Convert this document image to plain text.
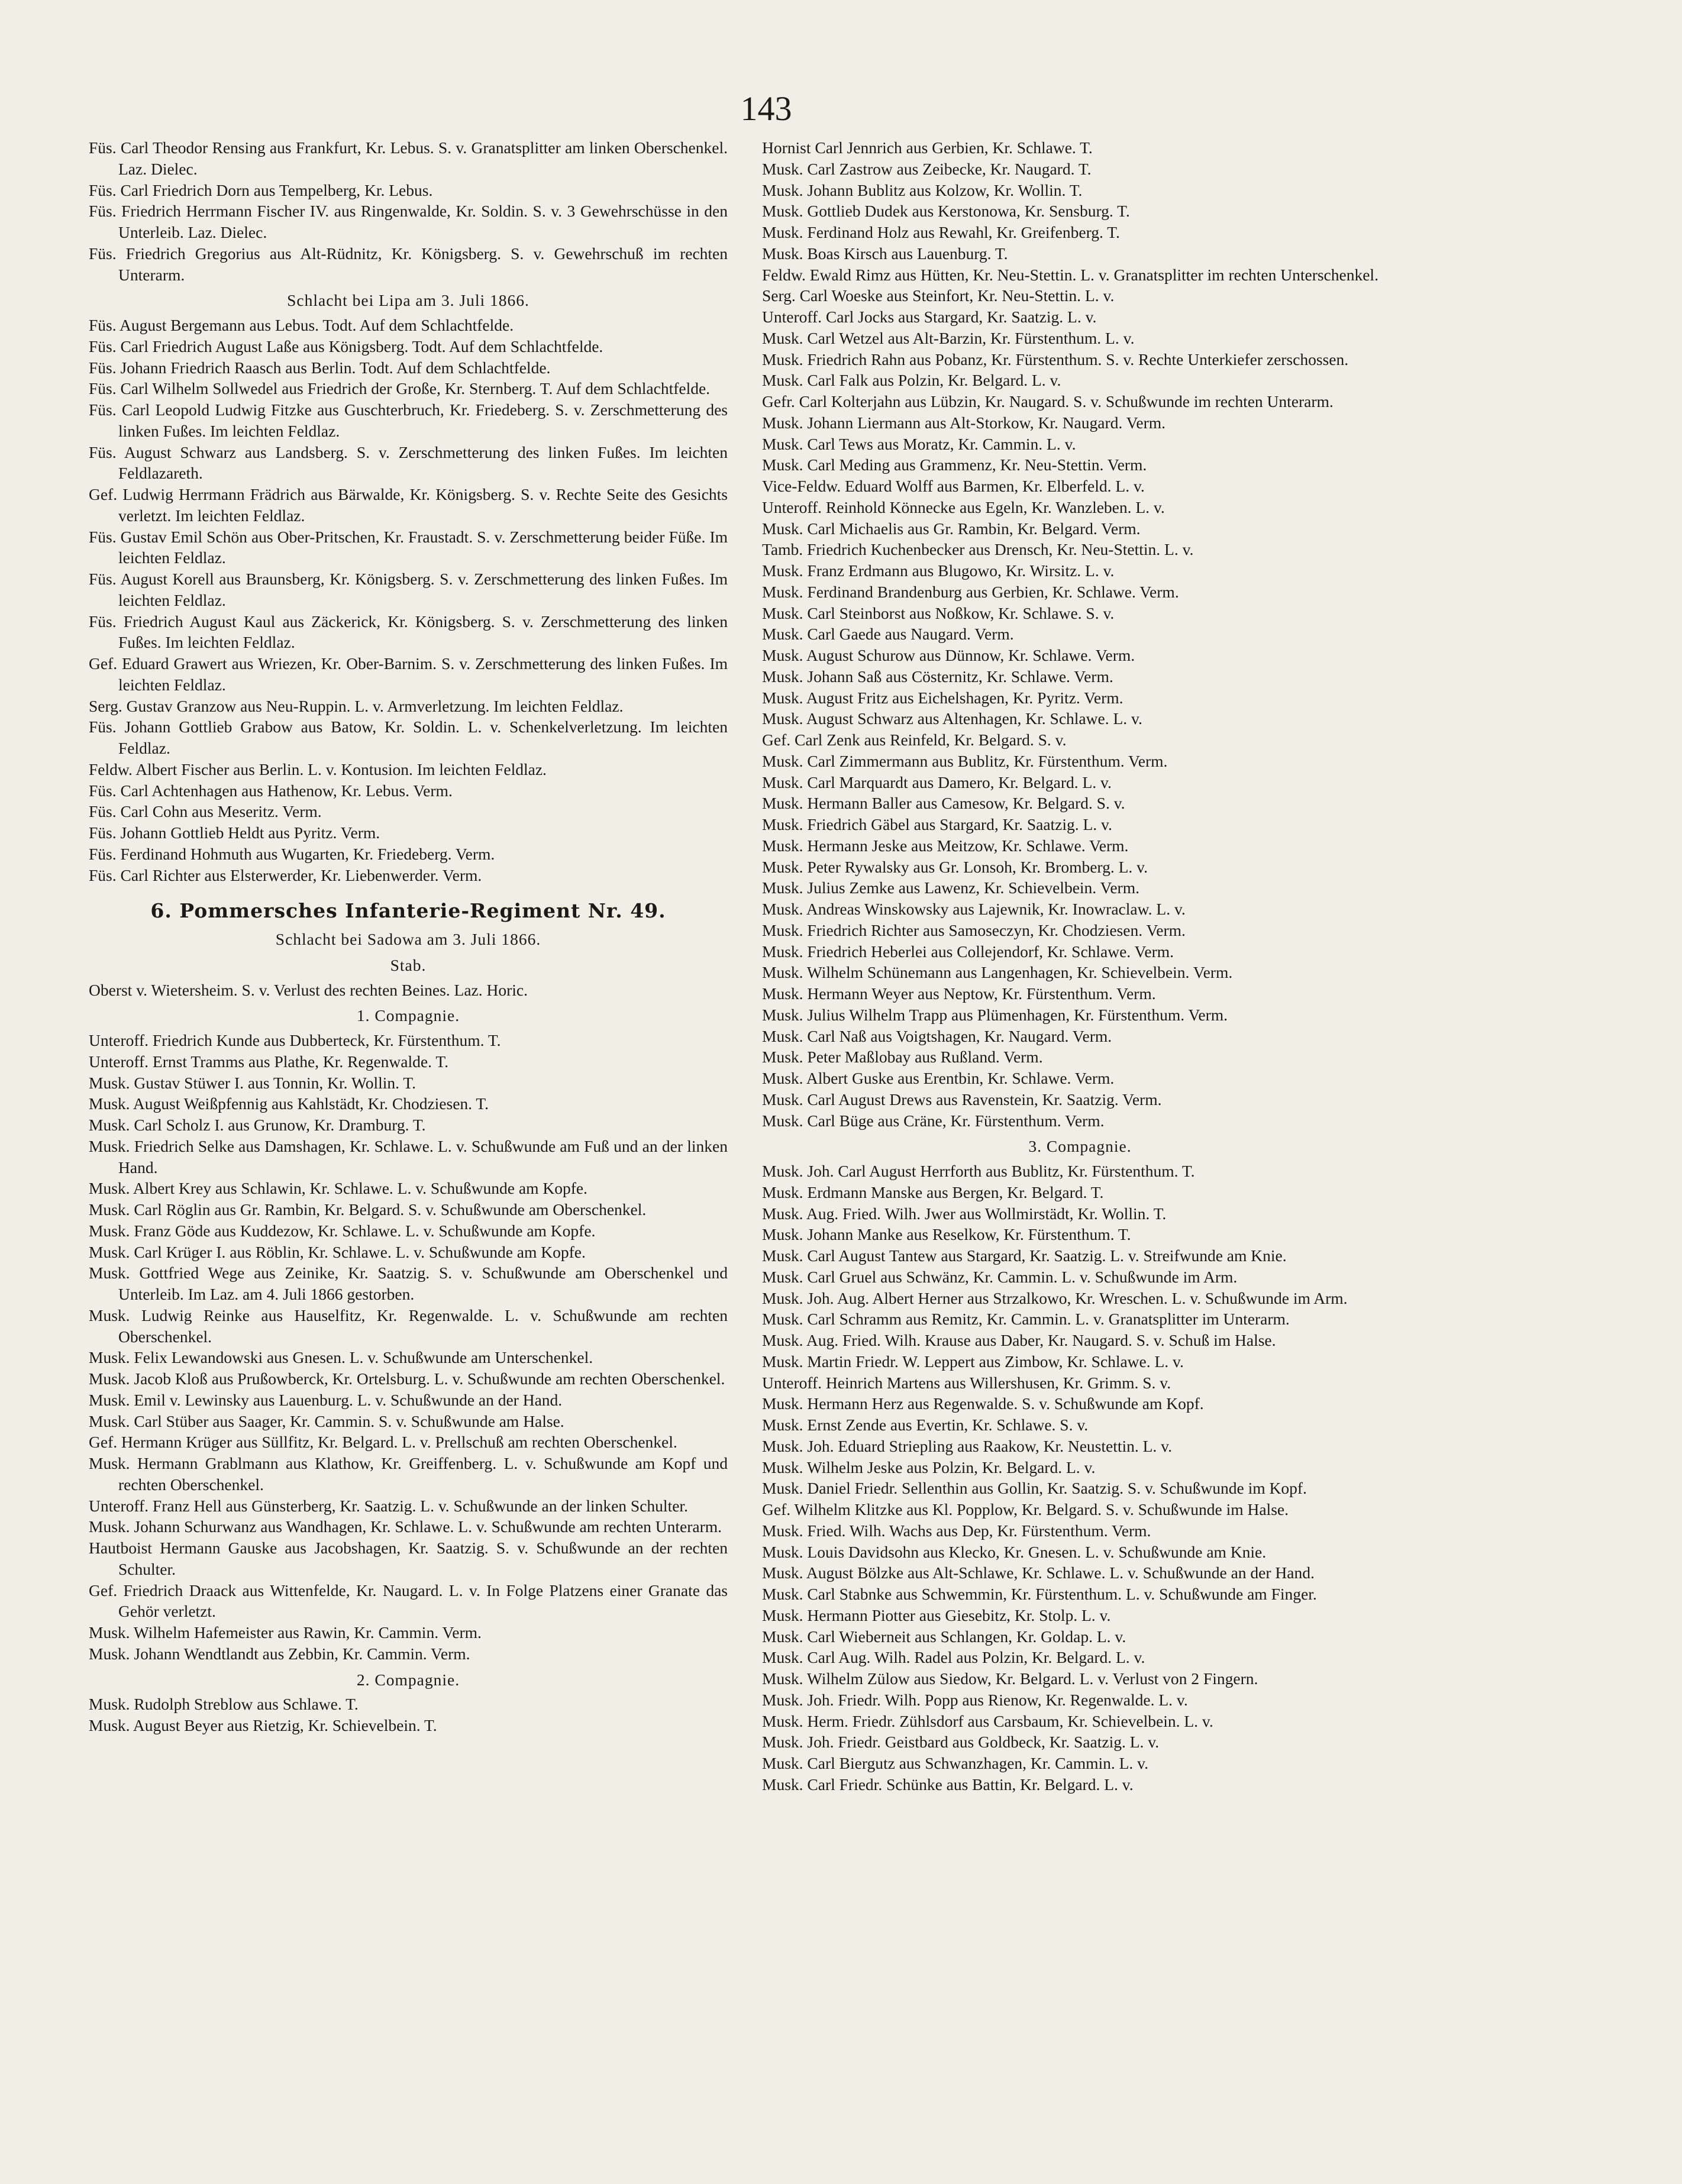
143
Füs. Carl Theodor Rensing aus Frankfurt, Kr. Lebus. S. v. Granatsplitter am linken Oberschenkel. Laz. Dielec.
Füs. Carl Friedrich Dorn aus Tempelberg, Kr. Lebus.
Füs. Friedrich Herrmann Fischer IV. aus Ringenwalde, Kr. Soldin. S. v. 3 Gewehrschüsse in den Unterleib. Laz. Dielec.
Füs. Friedrich Gregorius aus Alt-Rüdnitz, Kr. Königsberg. S. v. Gewehrschuß im rechten Unterarm.
Schlacht bei Lipa am 3. Juli 1866.
Füs. August Bergemann aus Lebus. Todt. Auf dem Schlachtfelde.
Füs. Carl Friedrich August Laße aus Königsberg. Todt. Auf dem Schlachtfelde.
Füs. Johann Friedrich Raasch aus Berlin. Todt. Auf dem Schlachtfelde.
Füs. Carl Wilhelm Sollwedel aus Friedrich der Große, Kr. Sternberg. T. Auf dem Schlachtfelde.
Füs. Carl Leopold Ludwig Fitzke aus Guschterbruch, Kr. Friedeberg. S. v. Zerschmetterung des linken Fußes. Im leichten Feldlaz.
Füs. August Schwarz aus Landsberg. S. v. Zerschmetterung des linken Fußes. Im leichten Feldlazareth.
Gef. Ludwig Herrmann Frädrich aus Bärwalde, Kr. Königsberg. S. v. Rechte Seite des Gesichts verletzt. Im leichten Feldlaz.
Füs. Gustav Emil Schön aus Ober-Pritschen, Kr. Fraustadt. S. v. Zerschmetterung beider Füße. Im leichten Feldlaz.
Füs. August Korell aus Braunsberg, Kr. Königsberg. S. v. Zerschmetterung des linken Fußes. Im leichten Feldlaz.
Füs. Friedrich August Kaul aus Zäckerick, Kr. Königsberg. S. v. Zerschmetterung des linken Fußes. Im leichten Feldlaz.
Gef. Eduard Grawert aus Wriezen, Kr. Ober-Barnim. S. v. Zerschmetterung des linken Fußes. Im leichten Feldlaz.
Serg. Gustav Granzow aus Neu-Ruppin. L. v. Armverletzung. Im leichten Feldlaz.
Füs. Johann Gottlieb Grabow aus Batow, Kr. Soldin. L. v. Schenkelverletzung. Im leichten Feldlaz.
Feldw. Albert Fischer aus Berlin. L. v. Kontusion. Im leichten Feldlaz.
Füs. Carl Achtenhagen aus Hathenow, Kr. Lebus. Verm.
Füs. Carl Cohn aus Meseritz. Verm.
Füs. Johann Gottlieb Heldt aus Pyritz. Verm.
Füs. Ferdinand Hohmuth aus Wugarten, Kr. Friedeberg. Verm.
Füs. Carl Richter aus Elsterwerder, Kr. Liebenwerder. Verm.
6. Pommersches Infanterie-Regiment Nr. 49.
Schlacht bei Sadowa am 3. Juli 1866.
Stab.
Oberst v. Wietersheim. S. v. Verlust des rechten Beines. Laz. Horic.
1. Compagnie.
Unteroff. Friedrich Kunde aus Dubberteck, Kr. Fürstenthum. T.
Unteroff. Ernst Tramms aus Plathe, Kr. Regenwalde. T.
Musk. Gustav Stüwer I. aus Tonnin, Kr. Wollin. T.
Musk. August Weißpfennig aus Kahlstädt, Kr. Chodziesen. T.
Musk. Carl Scholz I. aus Grunow, Kr. Dramburg. T.
Musk. Friedrich Selke aus Damshagen, Kr. Schlawe. L. v. Schußwunde am Fuß und an der linken Hand.
Musk. Albert Krey aus Schlawin, Kr. Schlawe. L. v. Schußwunde am Kopfe.
Musk. Carl Röglin aus Gr. Rambin, Kr. Belgard. S. v. Schußwunde am Oberschenkel.
Musk. Franz Göde aus Kuddezow, Kr. Schlawe. L. v. Schußwunde am Kopfe.
Musk. Carl Krüger I. aus Röblin, Kr. Schlawe. L. v. Schußwunde am Kopfe.
Musk. Gottfried Wege aus Zeinike, Kr. Saatzig. S. v. Schußwunde am Oberschenkel und Unterleib. Im Laz. am 4. Juli 1866 gestorben.
Musk. Ludwig Reinke aus Hauselfitz, Kr. Regenwalde. L. v. Schußwunde am rechten Oberschenkel.
Musk. Felix Lewandowski aus Gnesen. L. v. Schußwunde am Unterschenkel.
Musk. Jacob Kloß aus Prußowberck, Kr. Ortelsburg. L. v. Schußwunde am rechten Oberschenkel.
Musk. Emil v. Lewinsky aus Lauenburg. L. v. Schußwunde an der Hand.
Musk. Carl Stüber aus Saager, Kr. Cammin. S. v. Schußwunde am Halse.
Gef. Hermann Krüger aus Süllfitz, Kr. Belgard. L. v. Prellschuß am rechten Oberschenkel.
Musk. Hermann Grablmann aus Klathow, Kr. Greiffenberg. L. v. Schußwunde am Kopf und rechten Oberschenkel.
Unteroff. Franz Hell aus Günsterberg, Kr. Saatzig. L. v. Schußwunde an der linken Schulter.
Musk. Johann Schurwanz aus Wandhagen, Kr. Schlawe. L. v. Schußwunde am rechten Unterarm.
Hautboist Hermann Gauske aus Jacobshagen, Kr. Saatzig. S. v. Schußwunde an der rechten Schulter.
Gef. Friedrich Draack aus Wittenfelde, Kr. Naugard. L. v. In Folge Platzens einer Granate das Gehör verletzt.
Musk. Wilhelm Hafemeister aus Rawin, Kr. Cammin. Verm.
Musk. Johann Wendtlandt aus Zebbin, Kr. Cammin. Verm.
2. Compagnie.
Musk. Rudolph Streblow aus Schlawe. T.
Musk. August Beyer aus Rietzig, Kr. Schievelbein. T.
Hornist Carl Jennrich aus Gerbien, Kr. Schlawe. T.
Musk. Carl Zastrow aus Zeibecke, Kr. Naugard. T.
Musk. Johann Bublitz aus Kolzow, Kr. Wollin. T.
Musk. Gottlieb Dudek aus Kerstonowa, Kr. Sensburg. T.
Musk. Ferdinand Holz aus Rewahl, Kr. Greifenberg. T.
Musk. Boas Kirsch aus Lauenburg. T.
Feldw. Ewald Rimz aus Hütten, Kr. Neu-Stettin. L. v. Granatsplitter im rechten Unterschenkel.
Serg. Carl Woeske aus Steinfort, Kr. Neu-Stettin. L. v.
Unteroff. Carl Jocks aus Stargard, Kr. Saatzig. L. v.
Musk. Carl Wetzel aus Alt-Barzin, Kr. Fürstenthum. L. v.
Musk. Friedrich Rahn aus Pobanz, Kr. Fürstenthum. S. v. Rechte Unterkiefer zerschossen.
Musk. Carl Falk aus Polzin, Kr. Belgard. L. v.
Gefr. Carl Kolterjahn aus Lübzin, Kr. Naugard. S. v. Schußwunde im rechten Unterarm.
Musk. Johann Liermann aus Alt-Storkow, Kr. Naugard. Verm.
Musk. Carl Tews aus Moratz, Kr. Cammin. L. v.
Musk. Carl Meding aus Grammenz, Kr. Neu-Stettin. Verm.
Vice-Feldw. Eduard Wolff aus Barmen, Kr. Elberfeld. L. v.
Unteroff. Reinhold Könnecke aus Egeln, Kr. Wanzleben. L. v.
Musk. Carl Michaelis aus Gr. Rambin, Kr. Belgard. Verm.
Tamb. Friedrich Kuchenbecker aus Drensch, Kr. Neu-Stettin. L. v.
Musk. Franz Erdmann aus Blugowo, Kr. Wirsitz. L. v.
Musk. Ferdinand Brandenburg aus Gerbien, Kr. Schlawe. Verm.
Musk. Carl Steinborst aus Noßkow, Kr. Schlawe. S. v.
Musk. Carl Gaede aus Naugard. Verm.
Musk. August Schurow aus Dünnow, Kr. Schlawe. Verm.
Musk. Johann Saß aus Cösternitz, Kr. Schlawe. Verm.
Musk. August Fritz aus Eichelshagen, Kr. Pyritz. Verm.
Musk. August Schwarz aus Altenhagen, Kr. Schlawe. L. v.
Gef. Carl Zenk aus Reinfeld, Kr. Belgard. S. v.
Musk. Carl Zimmermann aus Bublitz, Kr. Fürstenthum. Verm.
Musk. Carl Marquardt aus Damero, Kr. Belgard. L. v.
Musk. Hermann Baller aus Camesow, Kr. Belgard. S. v.
Musk. Friedrich Gäbel aus Stargard, Kr. Saatzig. L. v.
Musk. Hermann Jeske aus Meitzow, Kr. Schlawe. Verm.
Musk. Peter Rywalsky aus Gr. Lonsoh, Kr. Bromberg. L. v.
Musk. Julius Zemke aus Lawenz, Kr. Schievelbein. Verm.
Musk. Andreas Winskowsky aus Lajewnik, Kr. Inowraclaw. L. v.
Musk. Friedrich Richter aus Samoseczyn, Kr. Chodziesen. Verm.
Musk. Friedrich Heberlei aus Collejendorf, Kr. Schlawe. Verm.
Musk. Wilhelm Schünemann aus Langenhagen, Kr. Schievelbein. Verm.
Musk. Hermann Weyer aus Neptow, Kr. Fürstenthum. Verm.
Musk. Julius Wilhelm Trapp aus Plümenhagen, Kr. Fürstenthum. Verm.
Musk. Carl Naß aus Voigtshagen, Kr. Naugard. Verm.
Musk. Peter Maßlobay aus Rußland. Verm.
Musk. Albert Guske aus Erentbin, Kr. Schlawe. Verm.
Musk. Carl August Drews aus Ravenstein, Kr. Saatzig. Verm.
Musk. Carl Büge aus Cräne, Kr. Fürstenthum. Verm.
3. Compagnie.
Musk. Joh. Carl August Herrforth aus Bublitz, Kr. Fürstenthum. T.
Musk. Erdmann Manske aus Bergen, Kr. Belgard. T.
Musk. Aug. Fried. Wilh. Jwer aus Wollmirstädt, Kr. Wollin. T.
Musk. Johann Manke aus Reselkow, Kr. Fürstenthum. T.
Musk. Carl August Tantew aus Stargard, Kr. Saatzig. L. v. Streifwunde am Knie.
Musk. Carl Gruel aus Schwänz, Kr. Cammin. L. v. Schußwunde im Arm.
Musk. Joh. Aug. Albert Herner aus Strzalkowo, Kr. Wreschen. L. v. Schußwunde im Arm.
Musk. Carl Schramm aus Remitz, Kr. Cammin. L. v. Granatsplitter im Unterarm.
Musk. Aug. Fried. Wilh. Krause aus Daber, Kr. Naugard. S. v. Schuß im Halse.
Musk. Martin Friedr. W. Leppert aus Zimbow, Kr. Schlawe. L. v.
Unteroff. Heinrich Martens aus Willershusen, Kr. Grimm. S. v.
Musk. Hermann Herz aus Regenwalde. S. v. Schußwunde am Kopf.
Musk. Ernst Zende aus Evertin, Kr. Schlawe. S. v.
Musk. Joh. Eduard Striepling aus Raakow, Kr. Neustettin. L. v.
Musk. Wilhelm Jeske aus Polzin, Kr. Belgard. L. v.
Musk. Daniel Friedr. Sellenthin aus Gollin, Kr. Saatzig. S. v. Schußwunde im Kopf.
Gef. Wilhelm Klitzke aus Kl. Popplow, Kr. Belgard. S. v. Schußwunde im Halse.
Musk. Fried. Wilh. Wachs aus Dep, Kr. Fürstenthum. Verm.
Musk. Louis Davidsohn aus Klecko, Kr. Gnesen. L. v. Schußwunde am Knie.
Musk. August Bölzke aus Alt-Schlawe, Kr. Schlawe. L. v. Schußwunde an der Hand.
Musk. Carl Stabnke aus Schwemmin, Kr. Fürstenthum. L. v. Schußwunde am Finger.
Musk. Hermann Piotter aus Giesebitz, Kr. Stolp. L. v.
Musk. Carl Wieberneit aus Schlangen, Kr. Goldap. L. v.
Musk. Carl Aug. Wilh. Radel aus Polzin, Kr. Belgard. L. v.
Musk. Wilhelm Zülow aus Siedow, Kr. Belgard. L. v. Verlust von 2 Fingern.
Musk. Joh. Friedr. Wilh. Popp aus Rienow, Kr. Regenwalde. L. v.
Musk. Herm. Friedr. Zühlsdorf aus Carsbaum, Kr. Schievelbein. L. v.
Musk. Joh. Friedr. Geistbard aus Goldbeck, Kr. Saatzig. L. v.
Musk. Carl Biergutz aus Schwanzhagen, Kr. Cammin. L. v.
Musk. Carl Friedr. Schünke aus Battin, Kr. Belgard. L. v.
